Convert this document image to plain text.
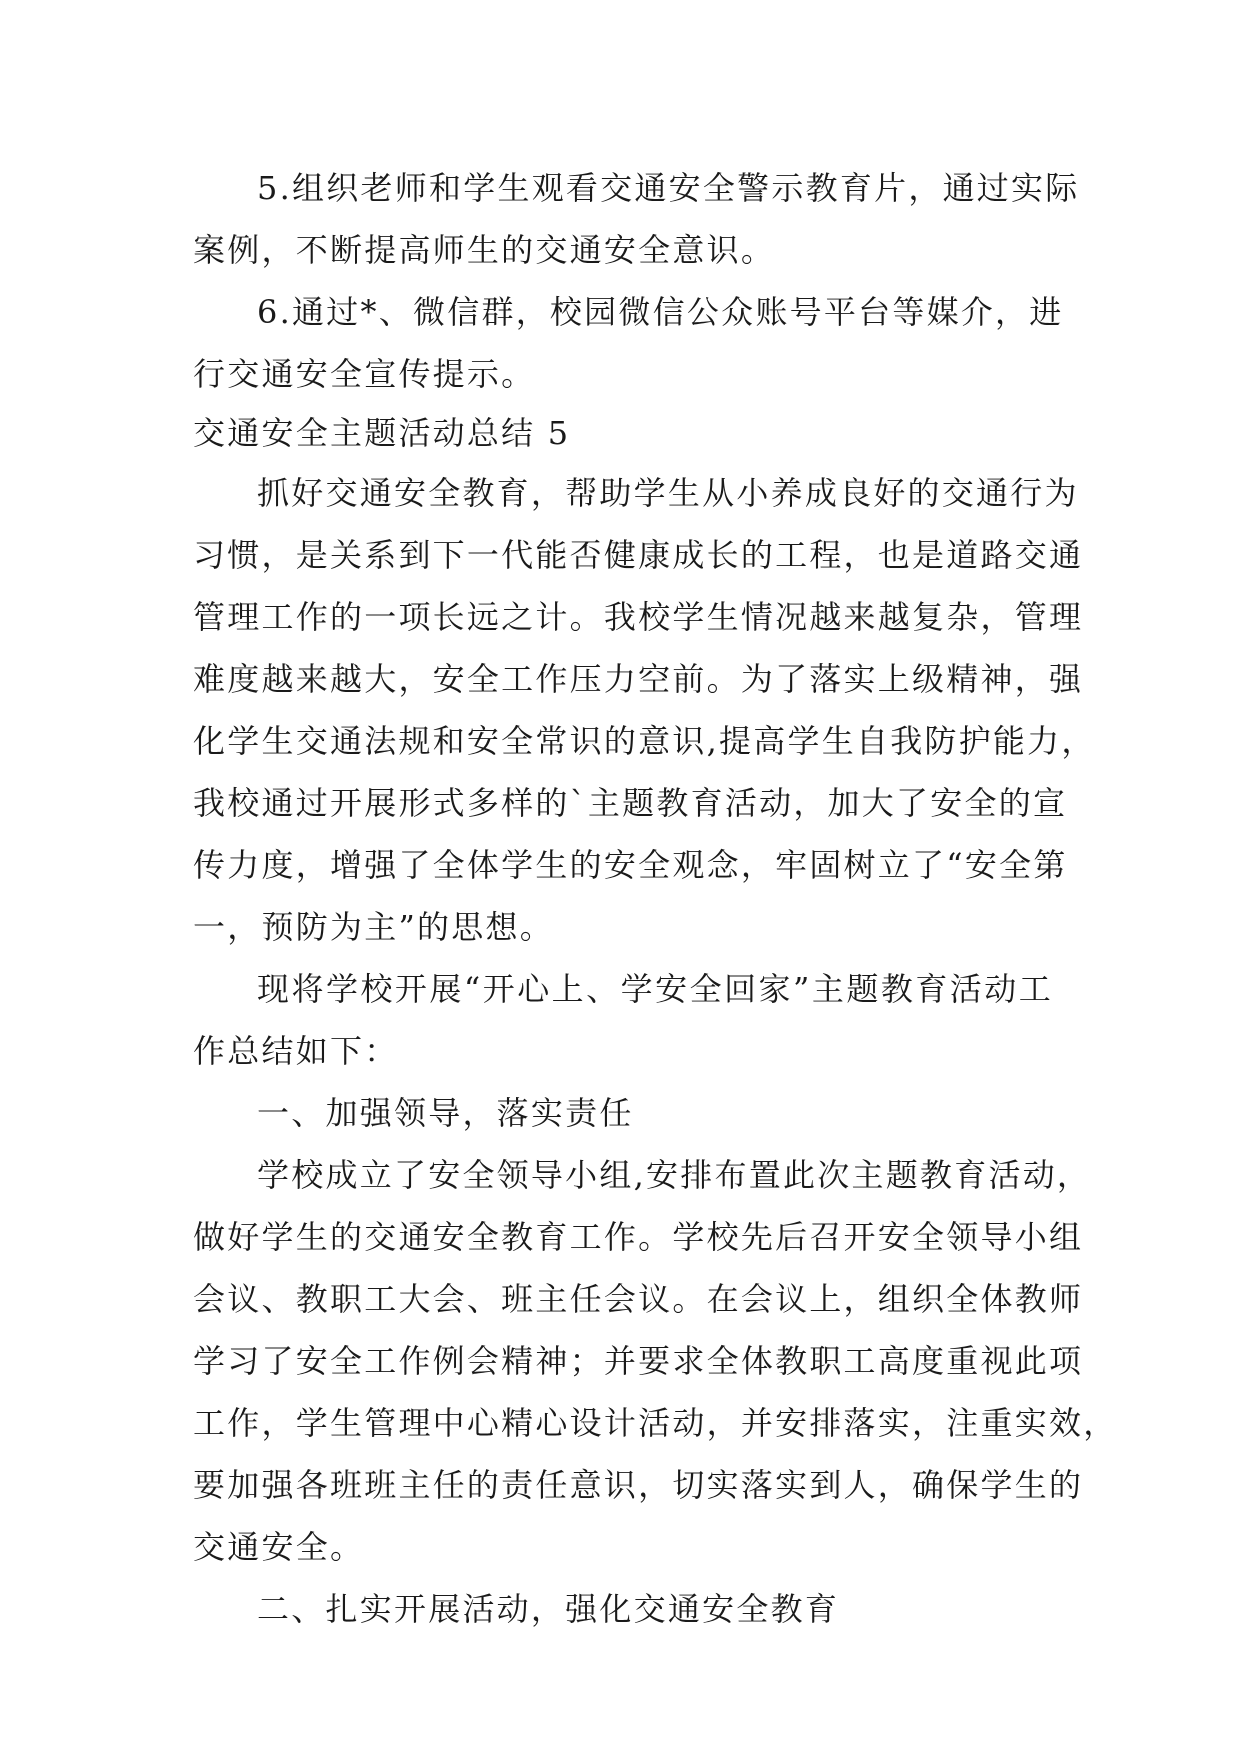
5.组织老师和学生观看交通安全警示教育片，通过实际
案例，不断提高师生的交通安全意识。
6.通过*、微信群，校园微信公众账号平台等媒介，进
行交通安全宣传提示。
交通安全主题活动总结 5
抓好交通安全教育，帮助学生从小养成良好的交通行为
习惯，是关系到下一代能否健康成长的工程，也是道路交通
管理工作的一项长远之计。我校学生情况越来越复杂，管理
难度越来越大，安全工作压力空前。为了落实上级精神，强
化学生交通法规和安全常识的意识,提高学生自我防护能力，
我校通过开展形式多样的`主题教育活动，加大了安全的宣
传力度，增强了全体学生的安全观念，牢固树立了“安全第
一，预防为主”的思想。
现将学校开展“开心上、学安全回家”主题教育活动工
作总结如下：
一、加强领导，落实责任
学校成立了安全领导小组,安排布置此次主题教育活动，
做好学生的交通安全教育工作。学校先后召开安全领导小组
会议、教职工大会、班主任会议。在会议上，组织全体教师
学习了安全工作例会精神；并要求全体教职工高度重视此项
工作，学生管理中心精心设计活动，并安排落实，注重实效，
要加强各班班主任的责任意识，切实落实到人，确保学生的
交通安全。
二、扎实开展活动，强化交通安全教育
